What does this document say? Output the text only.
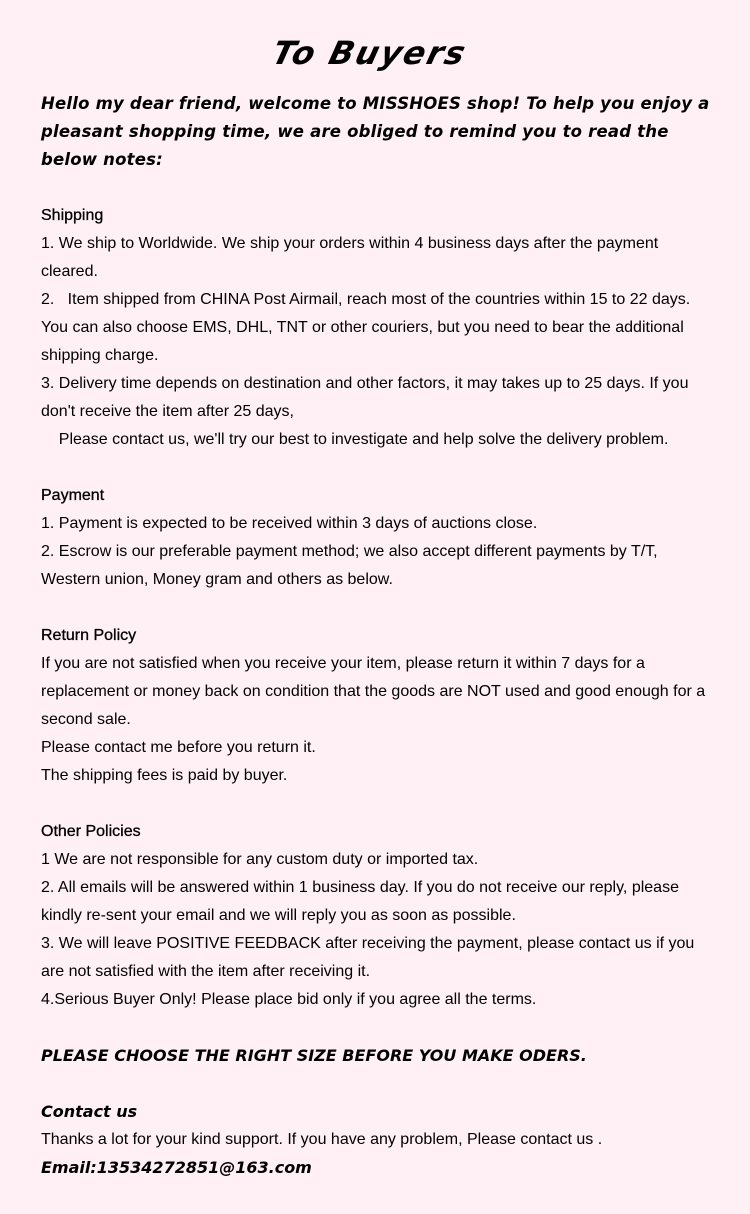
To Buyers

Hello my dear friend, welcome to MISSHOES shop! To help you enjoy a pleasant shopping time, we are obliged to remind you to read the below notes:

Shipping
1. We ship to Worldwide. We ship your orders within 4 business days after the payment cleared.
2.   Item shipped from CHINA Post Airmail, reach most of the countries within 15 to 22 days. You can also choose EMS, DHL, TNT or other couriers, but you need to bear the additional shipping charge.
3. Delivery time depends on destination and other factors, it may takes up to 25 days. If you don't receive the item after 25 days,
Please contact us, we'll try our best to investigate and help solve the delivery problem.
Payment
1. Payment is expected to be received within 3 days of auctions close.
2. Escrow is our preferable payment method; we also accept different payments by T/T, Western union, Money gram and others as below.
Return Policy
If you are not satisfied when you receive your item, please return it within 7 days for a replacement or money back on condition that the goods are NOT used and good enough for a second sale.
Please contact me before you return it.
The shipping fees is paid by buyer.
Other Policies
1 We are not responsible for any custom duty or imported tax.
2. All emails will be answered within 1 business day. If you do not receive our reply, please kindly re-sent your email and we will reply you as soon as possible.
3. We will leave POSITIVE FEEDBACK after receiving the payment, please contact us if you are not satisfied with the item after receiving it.
4.Serious Buyer Only! Please place bid only if you agree all the terms.
PLEASE CHOOSE THE RIGHT SIZE BEFORE YOU MAKE ODERS.
Contact us
Thanks a lot for your kind support. If you have any problem, Please contact us .
Email:13534272851@163.com
